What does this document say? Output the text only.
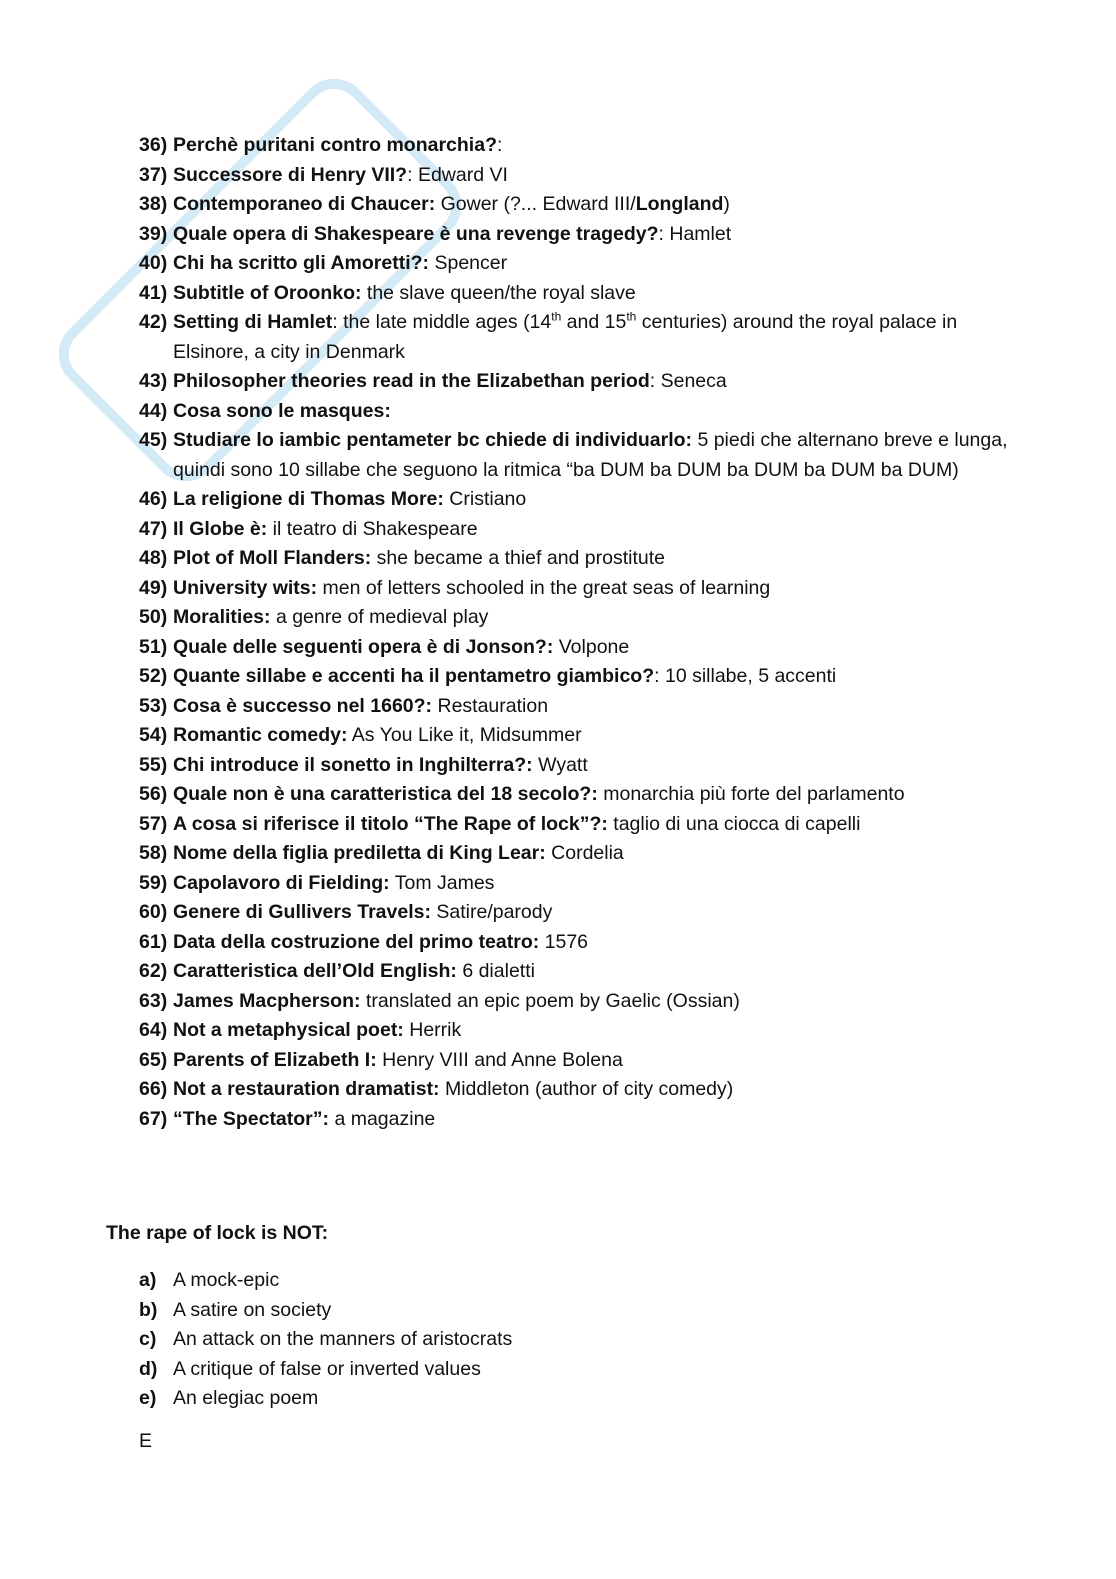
36) Perchè puritani contro monarchia?:
37) Successore di Henry VII?: Edward VI
38) Contemporaneo di Chaucer: Gower (?... Edward III/Longland)
39) Quale opera di Shakespeare è una revenge tragedy?: Hamlet
40) Chi ha scritto gli Amoretti?: Spencer
41) Subtitle of Oroonko: the slave queen/the royal slave
42) Setting di Hamlet: the late middle ages (14th and 15th centuries) around the royal palace in Elsinore, a city in Denmark
43) Philosopher theories read in the Elizabethan period: Seneca
44) Cosa sono le masques:
45) Studiare lo iambic pentameter bc chiede di individuarlo: 5 piedi che alternano breve e lunga, quindi sono 10 sillabe che seguono la ritmica “ba DUM ba DUM ba DUM ba DUM ba DUM)
46) La religione di Thomas More: Cristiano
47) Il Globe è: il teatro di Shakespeare
48) Plot of Moll Flanders: she became a thief and prostitute
49) University wits: men of letters schooled in the great seas of learning
50) Moralities: a genre of medieval play
51) Quale delle seguenti opera è di Jonson?: Volpone
52) Quante sillabe e accenti ha il pentametro giambico?: 10 sillabe, 5 accenti
53) Cosa è successo nel 1660?: Restauration
54) Romantic comedy: As You Like it, Midsummer
55) Chi introduce il sonetto in Inghilterra?: Wyatt
56) Quale non è una caratteristica del 18 secolo?: monarchia più forte del parlamento
57) A cosa si riferisce il titolo “The Rape of lock”?: taglio di una ciocca di capelli
58) Nome della figlia prediletta di King Lear: Cordelia
59) Capolavoro di Fielding: Tom James
60) Genere di Gullivers Travels: Satire/parody
61) Data della costruzione del primo teatro: 1576
62) Caratteristica dell’Old English: 6 dialetti
63) James Macpherson: translated an epic poem by Gaelic (Ossian)
64) Not a metaphysical poet: Herrik
65) Parents of Elizabeth I: Henry VIII and Anne Bolena
66) Not a restauration dramatist: Middleton (author of city comedy)
67) “The Spectator”: a magazine

The rape of lock is NOT:

a) A mock-epic
b) A satire on society
c) An attack on the manners of aristocrats
d) A critique of false or inverted values
e) An elegiac poem

E
